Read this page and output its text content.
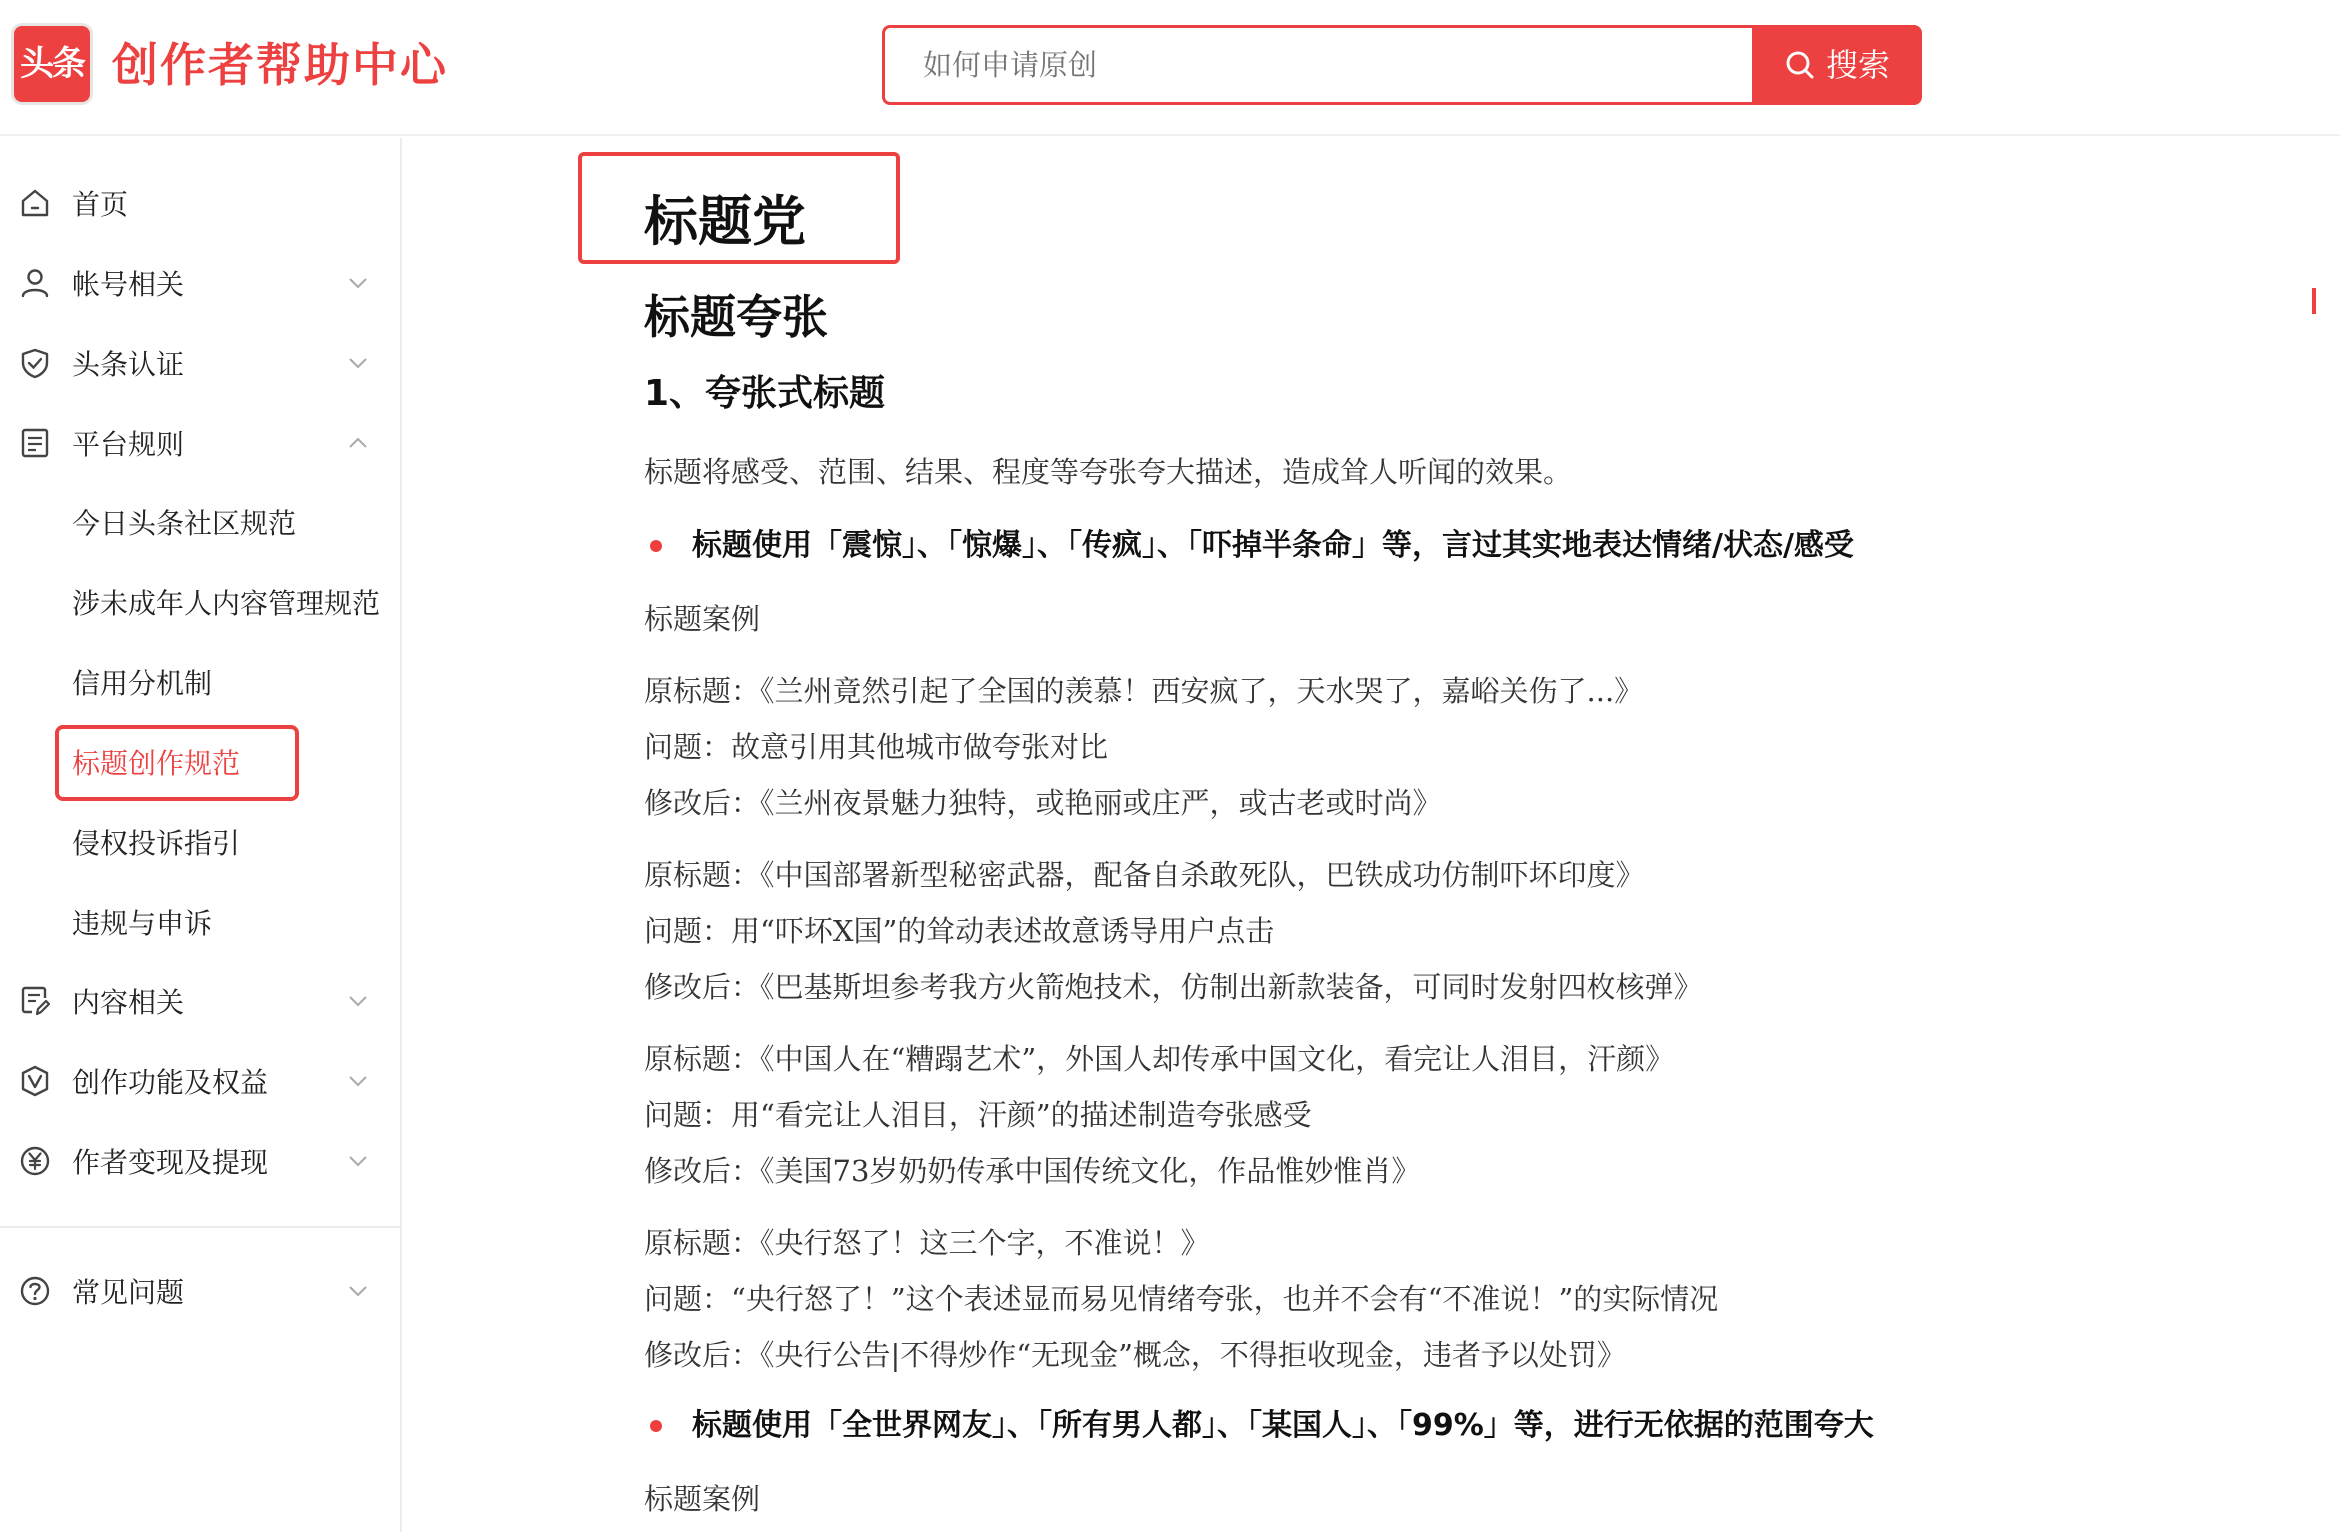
头条 创作者帮助中心
如何申请原创	搜索
首页
帐号相关
头条认证
平台规则
今日头条社区规范
涉未成年人内容管理规范
信用分机制
标题创作规范
侵权投诉指引
违规与申诉
内容相关
创作功能及权益
作者变现及提现
常见问题
标题党
标题夸张
1、夸张式标题
标题将感受、范围、结果、程度等夸张夸大描述，造成耸人听闻的效果。
标题使用「震惊」、「惊爆」、「传疯」、「吓掉半条命」等，言过其实地表达情绪/状态/感受
标题案例
原标题：《兰州竟然引起了全国的羡慕！西安疯了，天水哭了，嘉峪关伤了...》
问题：故意引用其他城市做夸张对比
修改后：《兰州夜景魅力独特，或艳丽或庄严，或古老或时尚》
原标题：《中国部署新型秘密武器，配备自杀敢死队，巴铁成功仿制吓坏印度》
问题：用“吓坏X国”的耸动表述故意诱导用户点击
修改后：《巴基斯坦参考我方火箭炮技术，仿制出新款装备，可同时发射四枚核弹》
原标题：《中国人在“糟蹋艺术”，外国人却传承中国文化，看完让人泪目，汗颜》
问题：用“看完让人泪目，汗颜”的描述制造夸张感受
修改后：《美国73岁奶奶传承中国传统文化，作品惟妙惟肖》
原标题：《央行怒了！这三个字，不准说！》
问题：“央行怒了！”这个表述显而易见情绪夸张，也并不会有“不准说！”的实际情况
修改后：《央行公告|不得炒作“无现金”概念，不得拒收现金，违者予以处罚》
标题使用「全世界网友」、「所有男人都」、「某国人」、「99%」等，进行无依据的范围夸大
标题案例
